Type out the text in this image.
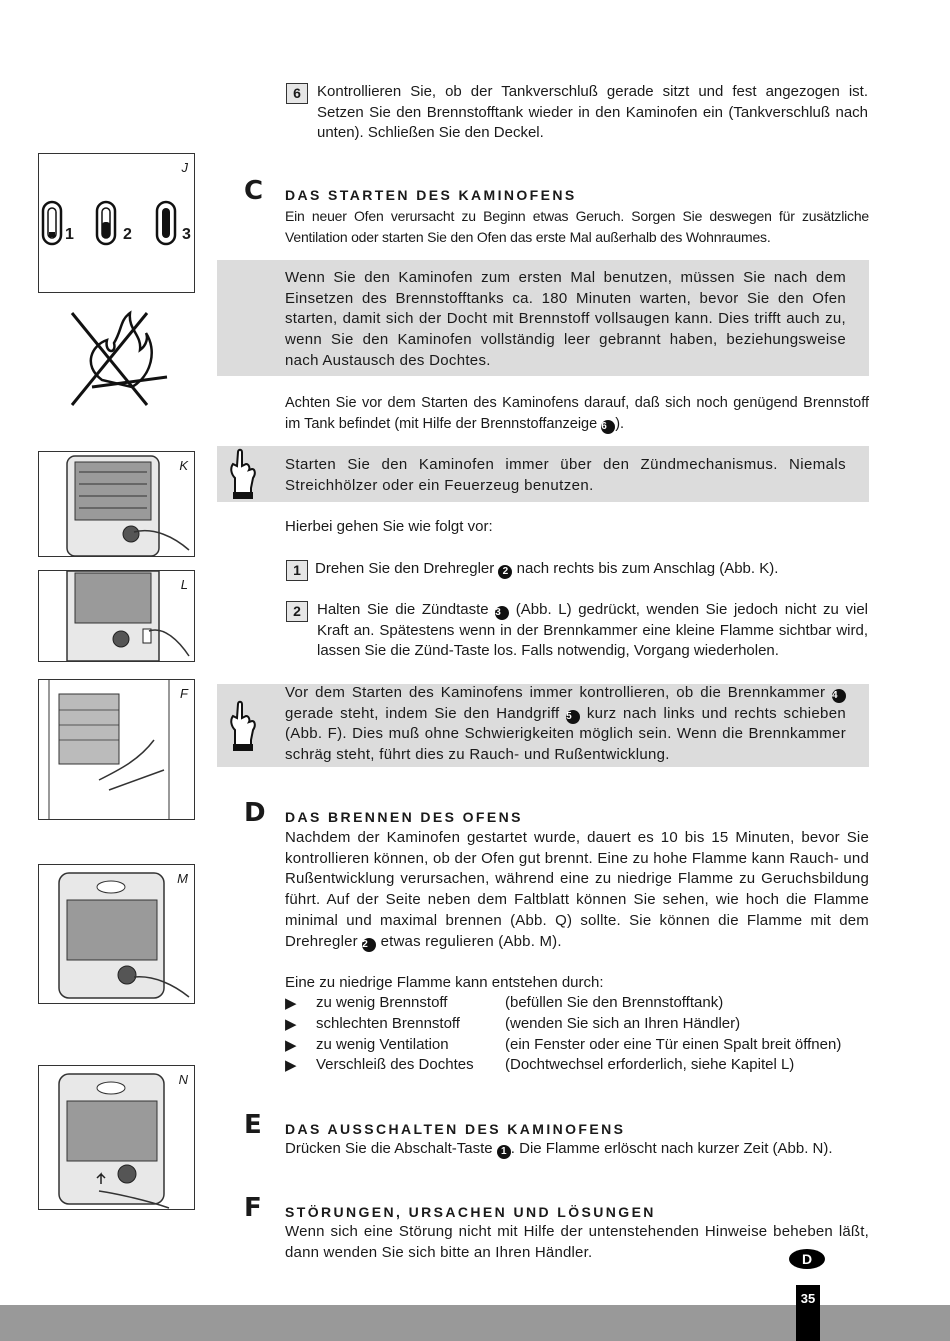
J
1	2	3
K
L
F
M
N
6	Kontrollieren Sie, ob der Tankverschluß gerade sitzt und fest angezogen ist. Setzen Sie den Brennstofftank wieder in den Kaminofen ein (Tankverschluß nach unten). Schließen Sie den Deckel.
C DAS STARTEN DES KAMINOFENS
Ein neuer Ofen verursacht zu Beginn etwas Geruch. Sorgen Sie deswegen für zusätzliche Ventilation oder starten Sie den Ofen das erste Mal außerhalb des Wohnraumes.
Wenn Sie den Kaminofen zum ersten Mal benutzen, müssen Sie nach dem Einsetzen des Brennstofftanks ca. 180 Minuten warten, bevor Sie den Ofen starten, damit sich der Docht mit Brennstoff vollsaugen kann. Dies trifft auch zu, wenn Sie den Kaminofen vollständig leer gebrannt haben, beziehungsweise nach Austausch des Dochtes.
Achten Sie vor dem Starten des Kaminofens darauf, daß sich noch genügend Brennstoff im Tank befindet (mit Hilfe der Brennstoffanzeige 6 ).
Starten Sie den Kaminofen immer über den Zündmechanismus. Niemals Streichhölzer oder ein Feuerzeug benutzen.
Hierbei gehen Sie wie folgt vor:
1 Drehen Sie den Drehregler 2 nach rechts bis zum Anschlag (Abb. K).
2	Halten Sie die Zündtaste 3 (Abb. L) gedrückt, wenden Sie jedoch nicht zu viel Kraft an. Spätestens wenn in der Brennkammer eine kleine Flamme sichtbar wird, lassen Sie die Zünd-Taste los. Falls notwendig, Vorgang wiederholen.
Vor dem Starten des Kaminofens immer kontrollieren, ob die Brennkammer 4 gerade steht, indem Sie den Handgriff 5 kurz nach links und rechts schieben (Abb. F). Dies muß ohne Schwierigkeiten möglich sein. Wenn die Brennkammer schräg steht, führt dies zu Rauch- und Rußentwicklung.
D DAS BRENNEN DES OFENS
Nachdem der Kaminofen gestartet wurde, dauert es 10 bis 15 Minuten, bevor Sie kontrollieren können, ob der Ofen gut brennt. Eine zu hohe Flamme kann Rauch- und Rußentwicklung verursachen, während eine zu niedrige Flamme zu Geruchsbildung führt. Auf der Seite neben dem Faltblatt können Sie sehen, wie hoch die Flamme minimal und maximal brennen (Abb. Q) sollte. Sie können die Flamme mit dem Drehregler 2 etwas regulieren (Abb. M).
Eine zu niedrige Flamme kann entstehen durch:
▶ zu wenig Brennstoff	(befüllen Sie den Brennstofftank)
▶ schlechten Brennstoff	(wenden Sie sich an Ihren Händler)
▶ zu wenig Ventilation	(ein Fenster oder eine Tür einen Spalt breit öffnen)
▶ Verschleiß des Dochtes (Dochtwechsel erforderlich, siehe Kapitel L)
E DAS AUSSCHALTEN DES KAMINOFENS
Drücken Sie die Abschalt-Taste 1 . Die Flamme erlöscht nach kurzer Zeit (Abb. N).
F STÖRUNGEN, URSACHEN UND LÖSUNGEN
Wenn sich eine Störung nicht mit Hilfe der untenstehenden Hinweise beheben läßt, dann wenden Sie sich bitte an Ihren Händler.	D
35
